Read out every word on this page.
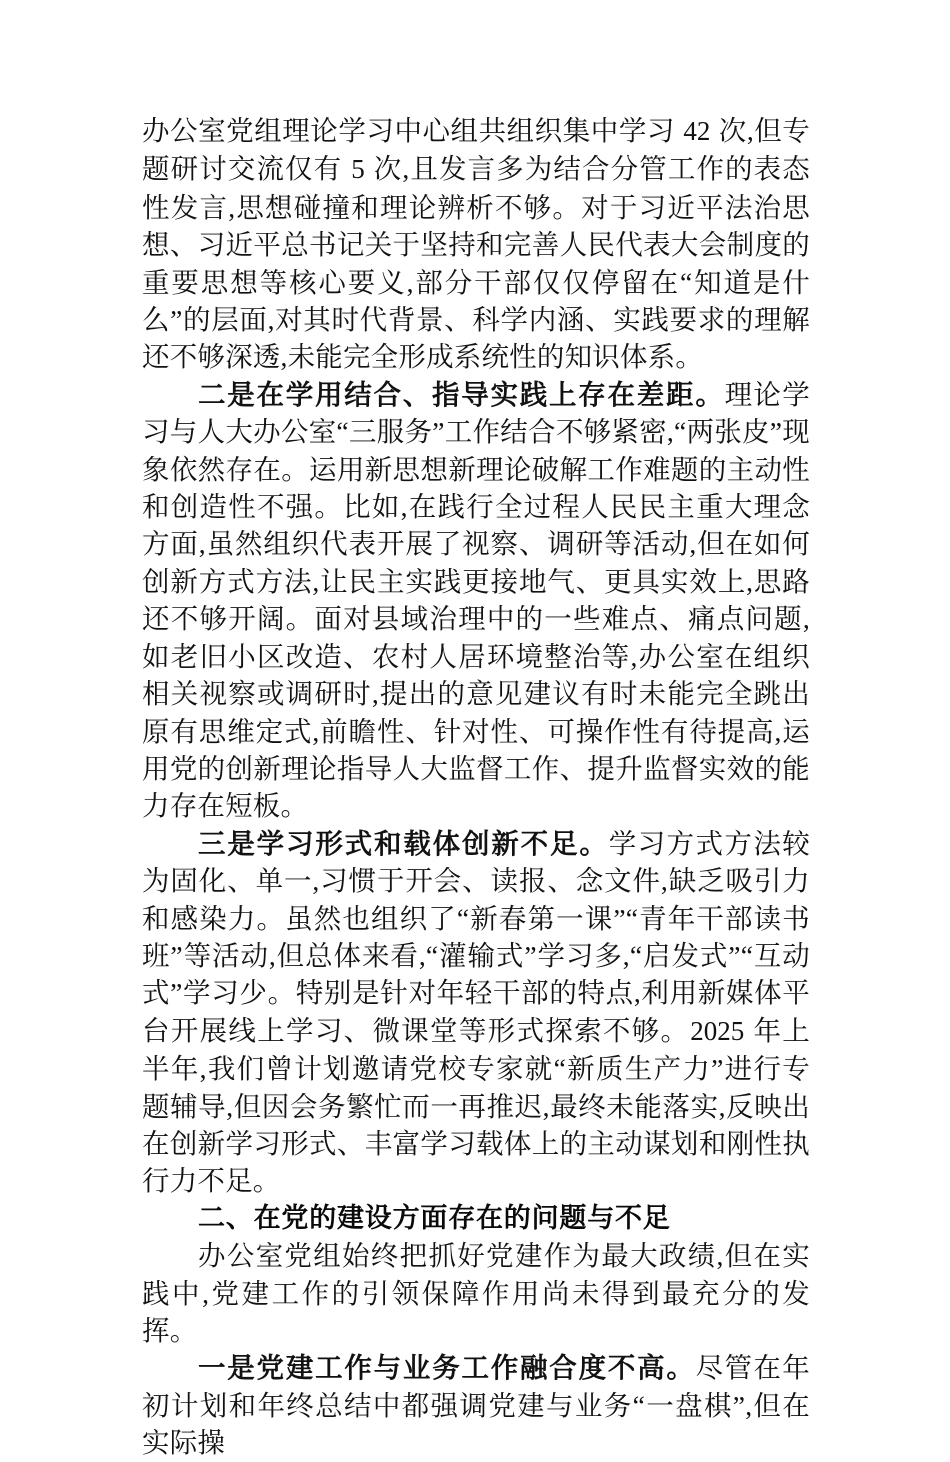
办公室党组理论学习中心组共组织集中学习 42 次,但专题研讨交流仅有 5 次,且发言多为结合分管工作的表态性发言,思想碰撞和理论辨析不够。对于习近平法治思想、习近平总书记关于坚持和完善人民代表大会制度的重要思想等核心要义,部分干部仅仅停留在“知道是什么”的层面,对其时代背景、科学内涵、实践要求的理解还不够深透,未能完全形成系统性的知识体系。

二是在学用结合、指导实践上存在差距。理论学习与人大办公室“三服务”工作结合不够紧密,“两张皮”现象依然存在。运用新思想新理论破解工作难题的主动性和创造性不强。比如,在践行全过程人民民主重大理念方面,虽然组织代表开展了视察、调研等活动,但在如何创新方式方法,让民主实践更接地气、更具实效上,思路还不够开阔。面对县域治理中的一些难点、痛点问题,如老旧小区改造、农村人居环境整治等,办公室在组织相关视察或调研时,提出的意见建议有时未能完全跳出原有思维定式,前瞻性、针对性、可操作性有待提高,运用党的创新理论指导人大监督工作、提升监督实效的能力存在短板。

三是学习形式和载体创新不足。学习方式方法较为固化、单一,习惯于开会、读报、念文件,缺乏吸引力和感染力。虽然也组织了“新春第一课”“青年干部读书班”等活动,但总体来看,“灌输式”学习多,“启发式”“互动式”学习少。特别是针对年轻干部的特点,利用新媒体平台开展线上学习、微课堂等形式探索不够。2025 年上半年,我们曾计划邀请党校专家就“新质生产力”进行专题辅导,但因会务繁忙而一再推迟,最终未能落实,反映出在创新学习形式、丰富学习载体上的主动谋划和刚性执行力不足。

二、在党的建设方面存在的问题与不足

办公室党组始终把抓好党建作为最大政绩,但在实践中,党建工作的引领保障作用尚未得到最充分的发挥。

一是党建工作与业务工作融合度不高。尽管在年初计划和年终总结中都强调党建与业务“一盘棋”,但在实际操
